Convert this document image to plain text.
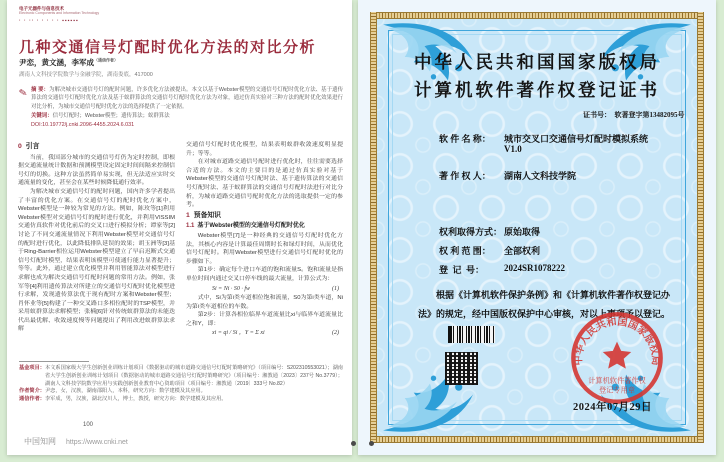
电子元器件与信息技术
Electronic Components and Information Technology
· · ·· · · · · · ▪▪▪▪▪▪
几种交通信号灯配时优化方法的对比分析
尹恋，黄文涵，李军成$^{(通信作者)}$
湖南人文科技学院数学与金融学院，湖南娄底，417000
✎ 摘 要：为解决城市交通信号灯的配时问题，许多优化方法被提出。本文以基于Webster模型的交通信号灯配时优化方法、基于遗传算法的交通信号灯配时优化方法及基于蚁群算法的交通信号灯配时优化方法为对象，通过仿真实验对三种方法的配时优化效果进行对比分析，为城市交通信号配时优化方法的选择提供了一定依据。

关键词：信号灯配时；Webster模型；遗传算法；蚁群算法

DOI:10.19772/j.cnki.2096-4455.2024.6.031

0 引言

当前，我国部分城市的交通信号灯仍为定时控制，即根据交通流量统计数据和预测模型设定固定时间间隔来控制信号灯的切换。这种方法虽然简单易实现，但无法适应实时交通流量的变化，甚至会在某些时候降低通行效率。

为解决城市交通信号灯的配时问题，国内许多学者提出了丰富的优化方案。在交通信号灯的配时优化方案中，Webster模型是一种较为常见的方法。例如，陈玫等[1]利用Webster模型对交通信号灯的配时进行优化，并利用VISSIM交通仿真软件对优化前后的交叉口进行模拟分析；谭家等[2]讨论了不同交通流量情况下利用Webster模型对交通信号灯的配时进行优化，以此降低排队延误的效果；胡玉洲等[3]基于Ring-Barrier相位运用Webster模型建立了早启迟断式交通信号灯配时模型，结果表明该模型可使通行能力显著提升；等等。此外，通过建立优化模型并利用智能算法对模型进行求解也成为解决交通信号灯配时问题的常用方法。例如，张军等[4]利用遗传算法对所建立的交通信号灯配时优化模型进行求解，发现遗传算法优于现有配时方案和Webster模型；肖怀业等[5]构建了一种交叉路口多相位配时的TSP模型，并采用蚁群算法求解模型；张楠[6]针对传统蚁群算法的未能迭代出最优解、收敛速度慢等问题提出了利用改进蚁群算法求解

交通信号灯配时优化模型，结果表明蚁群收敛速度明显提升；等等。

在对城市道路交通信号配时进行优化时，往往需要选择合适的方法。本文的主要目的是通过仿真实验对基于Webster模型的交通信号灯配时法、基于遗传算法的交通信号灯配时法、基于蚁群算法的交通信号灯配时法进行对比分析，为城市道路交通信号配时优化方法的选取提供一定的参考。

1 预备知识
1.1 基于Webster模型的交通信号灯配时优化

Webster模型[7]是一种经典的交通信号灯配时优化方法，其核心内容是计算最佳周期时长和绿灯时间，从而优化信号灯配时。利用Webster模型进行交通信号灯配时优化的步骤如下。

第1步：确定每个进口车道的饱和流量S。饱和流量是指单位时间内通过交叉口停车线的最大流量，计算公式为：

Si = Ni · S0 · fw	(1)

式中，Si为第i类车道相位饱和流量，S0为第i类车道，Ni为第i类车道相位的车数。

第2步：计算各相位临界车道流量比xi与临界车道流量比之和Y，即：

xi = qi / Si ，Y = Σ xi	(2)

基金项目：本文系国家级大学生创新创业训练计划项目《数据驱动的城市道路交通信号灯配时策略研究》（项目编号：S202310553021）；湖南省大学生创新创业训练计划项目《数据驱动的城市道路交通信号灯配时策略研究》（项目编号：湘教通〔2023〕237号 No.3779）；湖南人文科技学院数学应用与实践创新创业教育中心资助项目（项目编号：湘教通〔2019〕333号 No.82）

作者简介：尹恋，女，汉族，湖南邵阳人，本科，研究方向：数学建模及其应用。

通信作者：李军成，男，汉族，湖北汉川人，博士，教授，研究方向：数学建模及其应用。

100
中国知网 https://www.cnki.net
中华人民共和国国家版权局
计算机软件著作权登记证书
证书号：  软著登字第13482095号
软 件 名 称： 城市交叉口交通信号灯配时模拟系统
V1.0
著 作 权 人： 湖南人文科技学院
权利取得方式： 原始取得
权 利 范 围： 全部权利
登  记  号： 2024SR1078222
根据《计算机软件保护条例》和《计算机软件著作权登记办法》的规定，经中国版权保护中心审核，对以上事项予以登记。
中华人民共和国国家版权局
计算机软件著作权
登记专用章
2024年07月29日
